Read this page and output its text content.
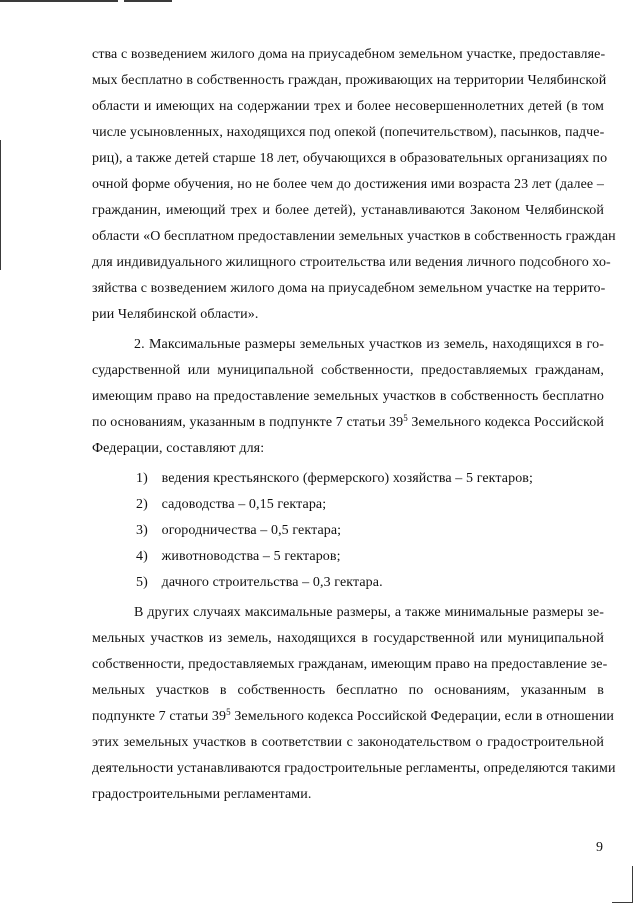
ства с возведением жилого дома на приусадебном земельном участке, предоставляе-
мых бесплатно в собственность граждан, проживающих на территории Челябинской
области и имеющих на содержании трех и более несовершеннолетних детей (в том
числе усыновленных, находящихся под опекой (попечительством), пасынков, падче-
риц), а также детей старше 18 лет, обучающихся в образовательных организациях по
очной форме обучения, но не более чем до достижения ими возраста 23 лет (далее –
гражданин, имеющий трех и более детей), устанавливаются Законом Челябинской
области «О бесплатном предоставлении земельных участков в собственность граждан
для индивидуального жилищного строительства или ведения личного подсобного хо-
зяйства с возведением жилого дома на приусадебном земельном участке на террито-
рии Челябинской области».
2. Максимальные размеры земельных участков из земель, находящихся в го-
сударственной или муниципальной собственности, предоставляемых гражданам,
имеющим право на предоставление земельных участков в собственность бесплатно
по основаниям, указанным в подпункте 7 статьи $39^5$ Земельного кодекса Российской
Федерации, составляют для:
1) ведения крестьянского (фермерского) хозяйства – 5 гектаров;
2) садоводства – 0,15 гектара;
3) огородничества – 0,5 гектара;
4) животноводства – 5 гектаров;
5) дачного строительства – 0,3 гектара.
В других случаях максимальные размеры, а также минимальные размеры зе-
мельных участков из земель, находящихся в государственной или муниципальной
собственности, предоставляемых гражданам, имеющим право на предоставление зе-
мельных участков в собственность бесплатно по основаниям, указанным в
подпункте 7 статьи $39^5$ Земельного кодекса Российской Федерации, если в отношении
этих земельных участков в соответствии с законодательством о градостроительной
деятельности устанавливаются градостроительные регламенты, определяются такими
градостроительными регламентами.
9
